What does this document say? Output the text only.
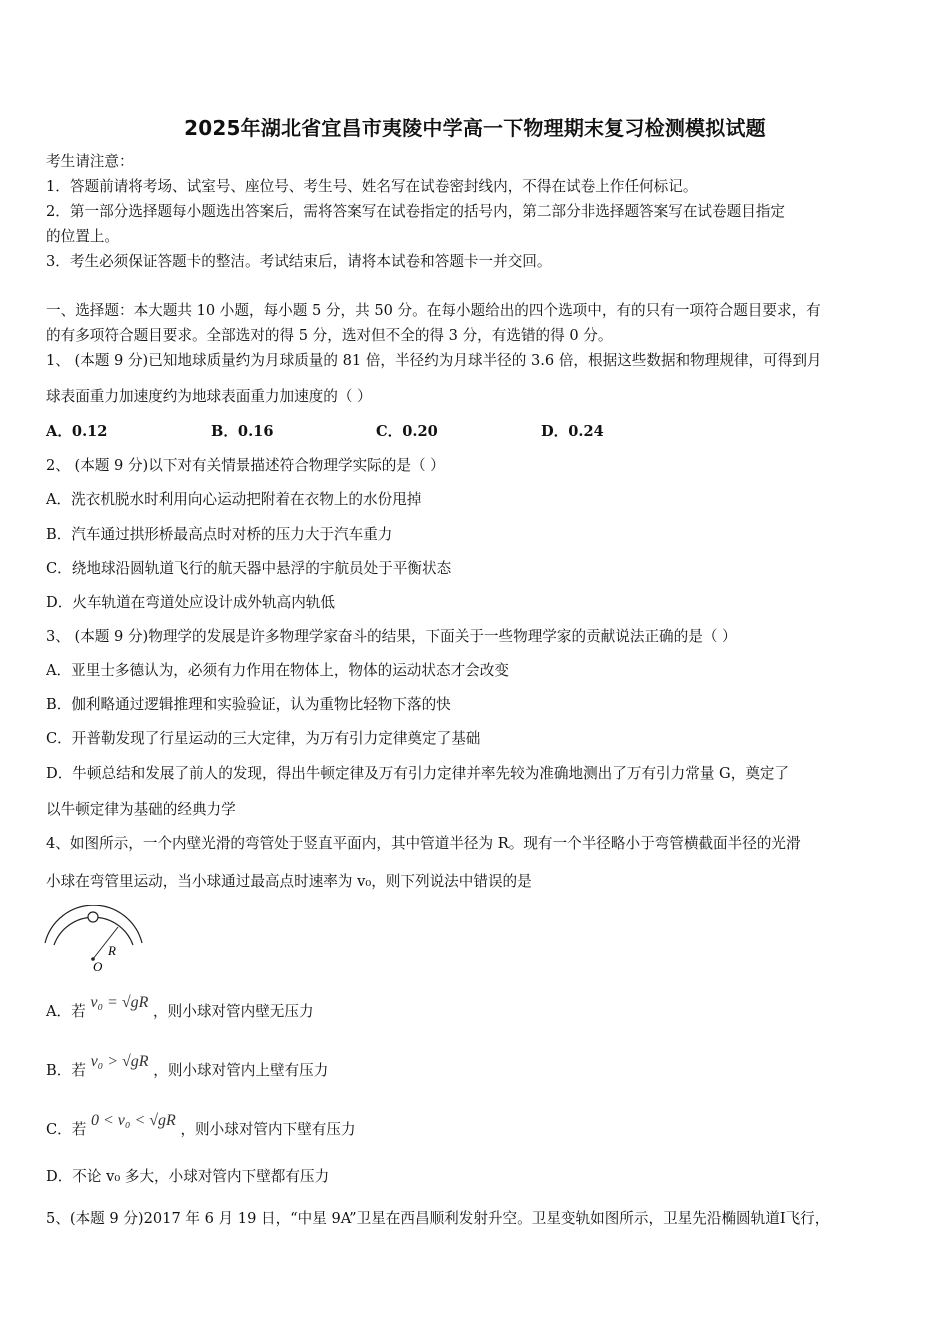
2025年湖北省宜昌市夷陵中学高一下物理期末复习检测模拟试题
考生请注意：
1．答题前请将考场、试室号、座位号、考生号、姓名写在试卷密封线内，不得在试卷上作任何标记。
2．第一部分选择题每小题选出答案后，需将答案写在试卷指定的括号内，第二部分非选择题答案写在试卷题目指定
的位置上。
3．考生必须保证答题卡的整洁。考试结束后，请将本试卷和答题卡一并交回。
一、选择题：本大题共 10 小题，每小题 5 分，共 50 分。在每小题给出的四个选项中，有的只有一项符合题目要求，有
的有多项符合题目要求。全部选对的得 5 分，选对但不全的得 3 分，有选错的得 0 分。
1、 (本题 9 分)已知地球质量约为月球质量的 81 倍，半径约为月球半径的 3.6 倍，根据这些数据和物理规律，可得到月
球表面重力加速度约为地球表面重力加速度的（ ）
A．0.12	B．0.16	C．0.20	D．0.24
2、 (本题 9 分)以下对有关情景描述符合物理学实际的是（ ）
A．洗衣机脱水时利用向心运动把附着在衣物上的水份甩掉
B．汽车通过拱形桥最高点时对桥的压力大于汽车重力
C．绕地球沿圆轨道飞行的航天器中悬浮的宇航员处于平衡状态
D．火车轨道在弯道处应设计成外轨高内轨低
3、 (本题 9 分)物理学的发展是许多物理学家奋斗的结果，下面关于一些物理学家的贡献说法正确的是（ ）
A．亚里士多德认为，必须有力作用在物体上，物体的运动状态才会改变
B．伽利略通过逻辑推理和实验验证，认为重物比轻物下落的快
C．开普勒发现了行星运动的三大定律，为万有引力定律奠定了基础
D．牛顿总结和发展了前人的发现，得出牛顿定律及万有引力定律并率先较为准确地测出了万有引力常量 G，奠定了
以牛顿定律为基础的经典力学
4、如图所示，一个内壁光滑的弯管处于竖直平面内，其中管道半径为 R。现有一个半径略小于弯管横截面半径的光滑
小球在弯管里运动，当小球通过最高点时速率为 v₀，则下列说法中错误的是
R
O
A．若 v₀ = √gR ，则小球对管内壁无压力
B．若 v₀ > √gR ，则小球对管内上壁有压力
C．若 0 < v₀ < √gR ，则小球对管内下壁有压力
D．不论 v₀ 多大，小球对管内下壁都有压力
5、(本题 9 分)2017 年 6 月 19 日，“中星 9A”卫星在西昌顺利发射升空。卫星变轨如图所示，卫星先沿椭圆轨道Ⅰ飞行，
